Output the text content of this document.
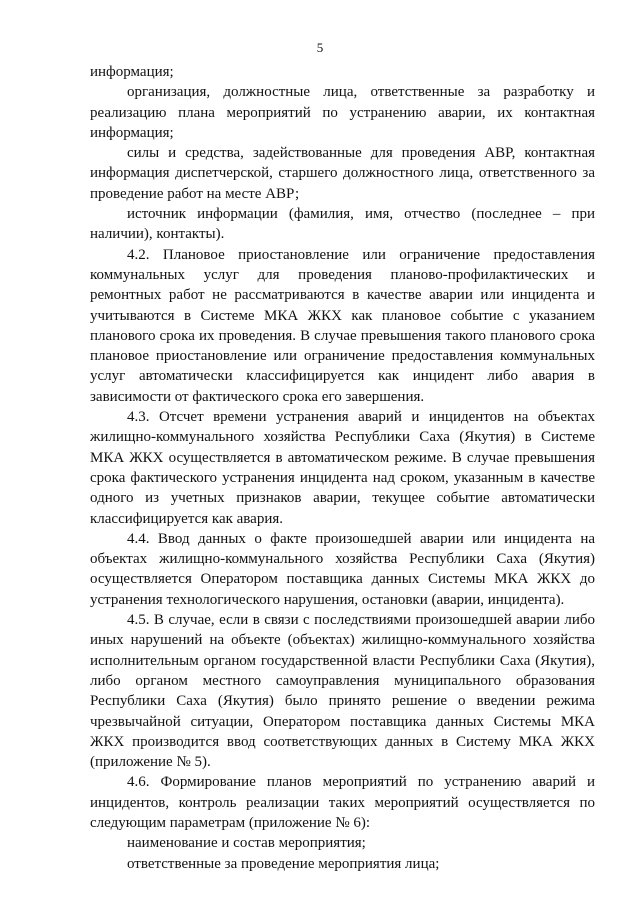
5

информация;

организация, должностные лица, ответственные за разработку и реализацию плана мероприятий по устранению аварии, их контактная информация;

силы и средства, задействованные для проведения АВР, контактная информация диспетчерской, старшего должностного лица, ответственного за проведение работ на месте АВР;

источник информации (фамилия, имя, отчество (последнее – при наличии), контакты).

4.2. Плановое приостановление или ограничение предоставления коммунальных услуг для проведения планово-профилактических и ремонтных работ не рассматриваются в качестве аварии или инцидента и учитываются в Системе МКА ЖКХ как плановое событие с указанием планового срока их проведения. В случае превышения такого планового срока плановое приостановление или ограничение предоставления коммунальных услуг автоматически классифицируется как инцидент либо авария в зависимости от фактического срока его завершения.

4.3. Отсчет времени устранения аварий и инцидентов на объектах жилищно-коммунального хозяйства Республики Саха (Якутия) в Системе МКА ЖКХ осуществляется в автоматическом режиме. В случае превышения срока фактического устранения инцидента над сроком, указанным в качестве одного из учетных признаков аварии, текущее событие автоматически классифицируется как авария.

4.4. Ввод данных о факте произошедшей аварии или инцидента на объектах жилищно-коммунального хозяйства Республики Саха (Якутия) осуществляется Оператором поставщика данных Системы МКА ЖКХ до устранения технологического нарушения, остановки (аварии, инцидента).

4.5. В случае, если в связи с последствиями произошедшей аварии либо иных нарушений на объекте (объектах) жилищно-коммунального хозяйства исполнительным органом государственной власти Республики Саха (Якутия), либо органом местного самоуправления муниципального образования Республики Саха (Якутия) было принято решение о введении режима чрезвычайной ситуации, Оператором поставщика данных Системы МКА ЖКХ производится ввод соответствующих данных в Систему МКА ЖКХ (приложение № 5).

4.6. Формирование планов мероприятий по устранению аварий и инцидентов, контроль реализации таких мероприятий осуществляется по следующим параметрам (приложение № 6):

наименование и состав мероприятия;

ответственные за проведение мероприятия лица;
